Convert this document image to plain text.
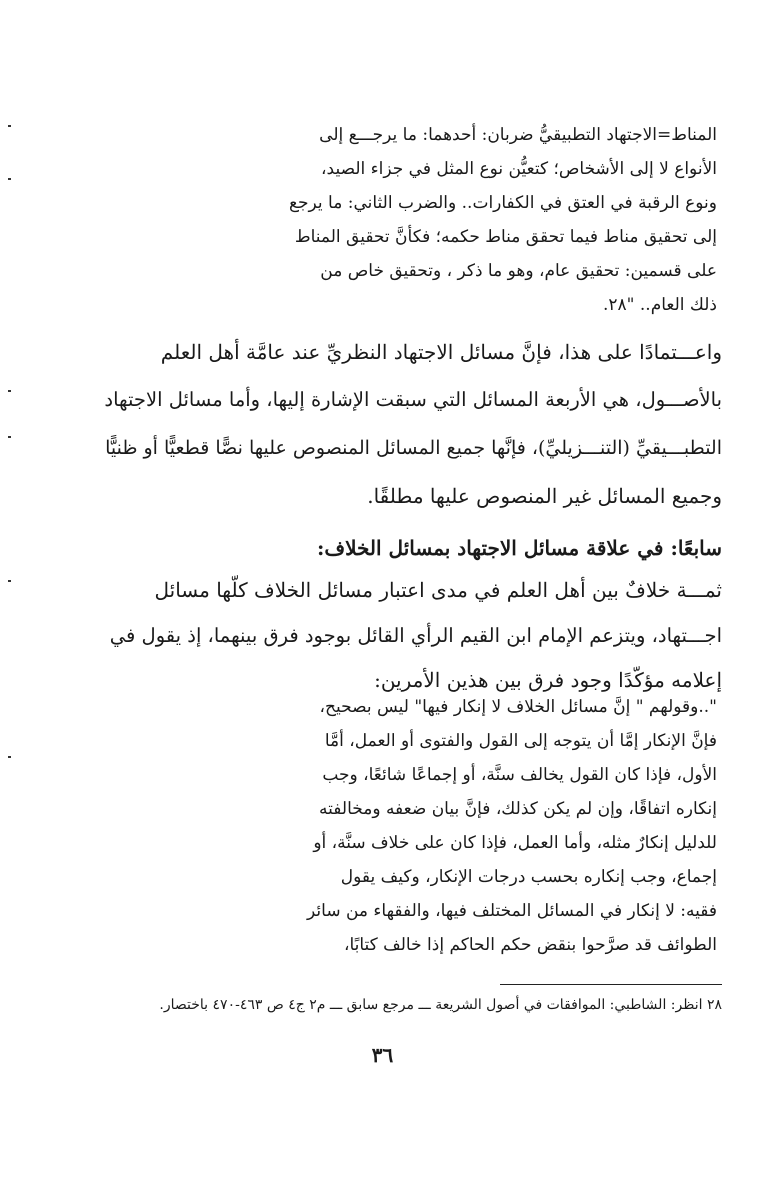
المناط=الاجتهاد التطبيقيُّ ضربان: أحدهما: ما يرجـــع إلى
الأنواع لا إلى الأشخاص؛ كتعيُّن نوع المثل في جزاء الصيد،
ونوع الرقبة في العتق في الكفارات.. والضرب الثاني: ما يرجع
إلى تحقيق مناط فيما تحقق مناط حكمه؛ فكأنَّ تحقيق المناط
على قسمين: تحقيق عام، وهو ما ذكر ، وتحقيق خاص من
ذلك العام.. "٢٨.
واعـــتمادًا على هذا، فإنَّ مسائل الاجتهاد النظريِّ عند عامَّة أهل العلم
بالأصـــول، هي الأربعة المسائل التي سبقت الإشارة إليها، وأما مسائل الاجتهاد
التطبـــيقيِّ (التنـــزيليِّ)، فإنَّها جميع المسائل المنصوص عليها نصًّا قطعيًّا أو ظنيًّا
وجميع المسائل غير المنصوص عليها مطلقًا.
سابعًا: في علاقة مسائل الاجتهاد بمسائل الخلاف:
ثمـــة خلافٌ بين أهل العلم في مدى اعتبار مسائل الخلاف كلّها مسائل
اجـــتهاد، ويتزعم الإمام ابن القيم الرأي القائل بوجود فرق بينهما، إذ يقول في
إعلامه مؤكّدًا وجود فرق بين هذين الأمرين:
"..وقولهم " إنَّ مسائل الخلاف لا إنكار فيها" ليس بصحيح،
فإنَّ الإنكار إمَّا أن يتوجه إلى القول والفتوى أو العمل، أمَّا
الأول، فإذا كان القول يخالف سنَّة، أو إجماعًا شائعًا، وجب
إنكاره اتفاقًا، وإن لم يكن كذلك، فإنَّ بيان ضعفه ومخالفته
للدليل إنكارٌ مثله، وأما العمل، فإذا كان على خلاف سنَّة، أو
إجماع، وجب إنكاره بحسب درجات الإنكار، وكيف يقول
فقيه: لا إنكار في المسائل المختلف فيها، والفقهاء من سائر
الطوائف قد صرَّحوا بنقض حكم الحاكم إذا خالف كتابًا،
٢٨ انظر: الشاطبي: الموافقات في أصول الشريعة ـــ مرجع سابق ـــ م٢ ج٤ ص ٤٦٣-٤٧٠ باختصار.
٣٦
